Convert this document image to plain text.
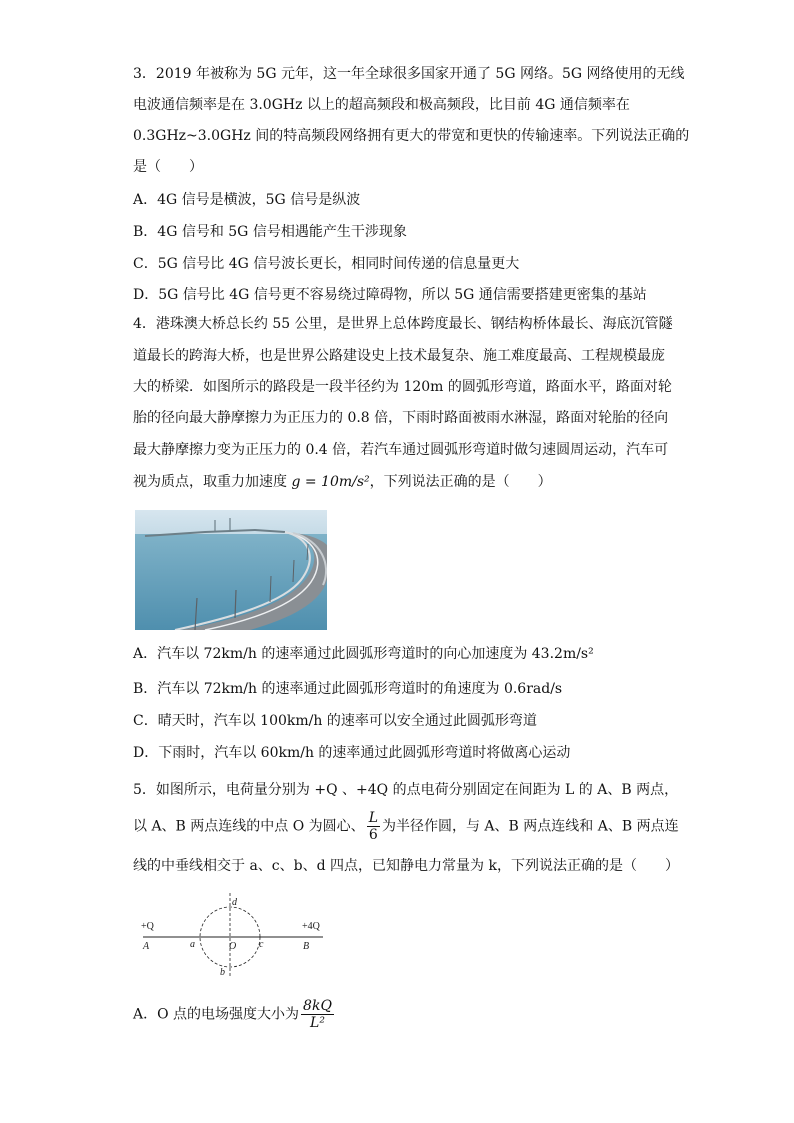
3．2019 年被称为 5G 元年，这一年全球很多国家开通了 5G 网络。5G 网络使用的无线
电波通信频率是在 3.0GHz 以上的超高频段和极高频段，比目前 4G 通信频率在
0.3GHz~3.0GHz 间的特高频段网络拥有更大的带宽和更快的传输速率。下列说法正确的
是（　　）
A．4G 信号是横波，5G 信号是纵波
B．4G 信号和 5G 信号相遇能产生干涉现象
C．5G 信号比 4G 信号波长更长，相同时间传递的信息量更大
D．5G 信号比 4G 信号更不容易绕过障碍物，所以 5G 通信需要搭建更密集的基站
4．港珠澳大桥总长约 55 公里，是世界上总体跨度最长、钢结构桥体最长、海底沉管隧
道最长的跨海大桥，也是世界公路建设史上技术最复杂、施工难度最高、工程规模最庞
大的桥梁．如图所示的路段是一段半径约为 120m 的圆弧形弯道，路面水平，路面对轮
胎的径向最大静摩擦力为正压力的 0.8 倍，下雨时路面被雨水淋湿，路面对轮胎的径向
最大静摩擦力变为正压力的 0.4 倍，若汽车通过圆弧形弯道时做匀速圆周运动，汽车可
视为质点，取重力加速度 g = 10m/s²，下列说法正确的是（　　）
A．汽车以 72km/h 的速率通过此圆弧形弯道时的向心加速度为 43.2m/s²
B．汽车以 72km/h 的速率通过此圆弧形弯道时的角速度为 0.6rad/s
C．晴天时，汽车以 100km/h 的速率可以安全通过此圆弧形弯道
D．下雨时，汽车以 60km/h 的速率通过此圆弧形弯道时将做离心运动
5．如图所示，电荷量分别为 +Q 、+4Q 的点电荷分别固定在间距为 L 的 A、B 两点，
以 A、B 两点连线的中点 O 为圆心、 $\frac{L}{6}$ 为半径作圆，与 A、B 两点连线和 A、B 两点连
线的中垂线相交于 a、c、b、d 四点，已知静电力常量为 k，下列说法正确的是（　　）
+Q	+4Q
A	B
a	O c
b
d
A．O 点的电场强度大小为 $\frac{8kQ}{\text{L²}}$
